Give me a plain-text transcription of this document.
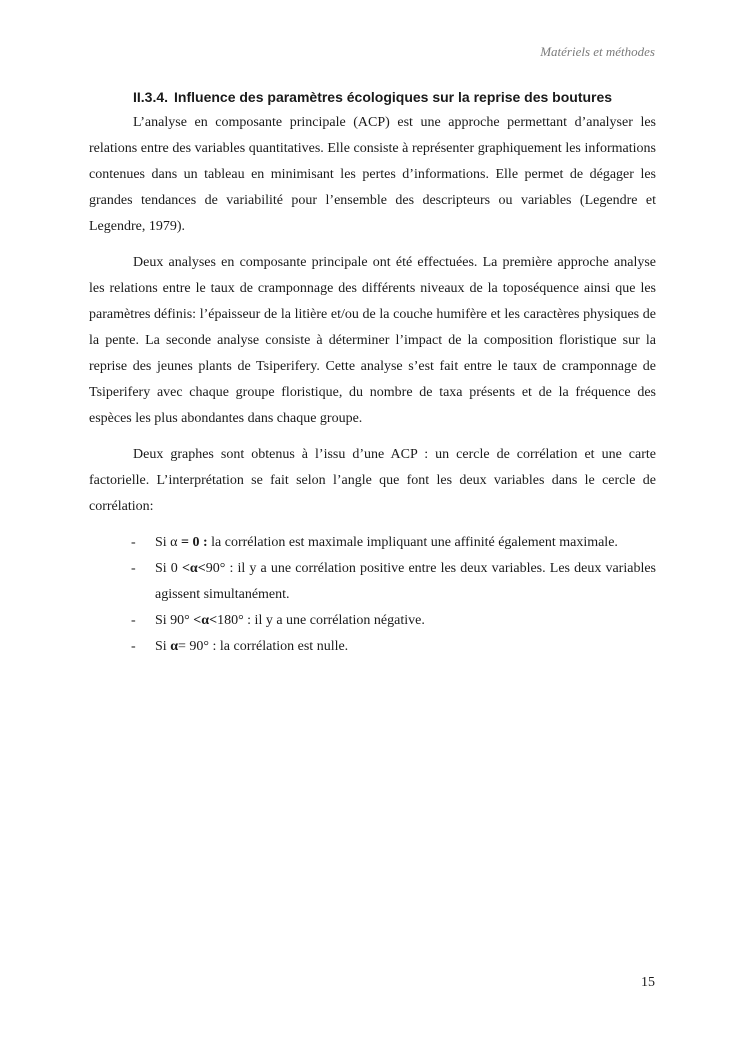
Matériels et méthodes
II.3.4. Influence des paramètres écologiques sur la reprise des boutures

L’analyse en composante principale (ACP) est une approche permettant d’analyser les relations entre des variables quantitatives. Elle consiste à représenter graphiquement les informations contenues dans un tableau en minimisant les pertes d’informations. Elle permet de dégager les grandes tendances de variabilité pour l’ensemble des descripteurs ou variables (Legendre et Legendre, 1979).

Deux analyses en composante principale ont été effectuées. La première approche analyse les relations entre le taux de cramponnage des différents niveaux de la toposéquence ainsi que les paramètres définis: l’épaisseur de la litière et/ou de la couche humifère et les caractères physiques de la pente. La seconde analyse consiste à déterminer l’impact de la composition floristique sur la reprise des jeunes plants de Tsiperifery. Cette analyse s’est fait entre le taux de cramponnage de Tsiperifery avec chaque groupe floristique, du nombre de taxa présents et de la fréquence des espèces les plus abondantes dans chaque groupe.

Deux graphes sont obtenus à l’issu d’une ACP : un cercle de corrélation et une carte factorielle. L’interprétation se fait selon l’angle que font les deux variables dans le cercle de corrélation:

- Si α = 0 : la corrélation est maximale impliquant une affinité également maximale.
- Si 0 <α<90° : il y a une corrélation positive entre les deux variables. Les deux variables agissent simultanément.
- Si 90° <α<180° : il y a une corrélation négative.
- Si α= 90° : la corrélation est nulle.
15
